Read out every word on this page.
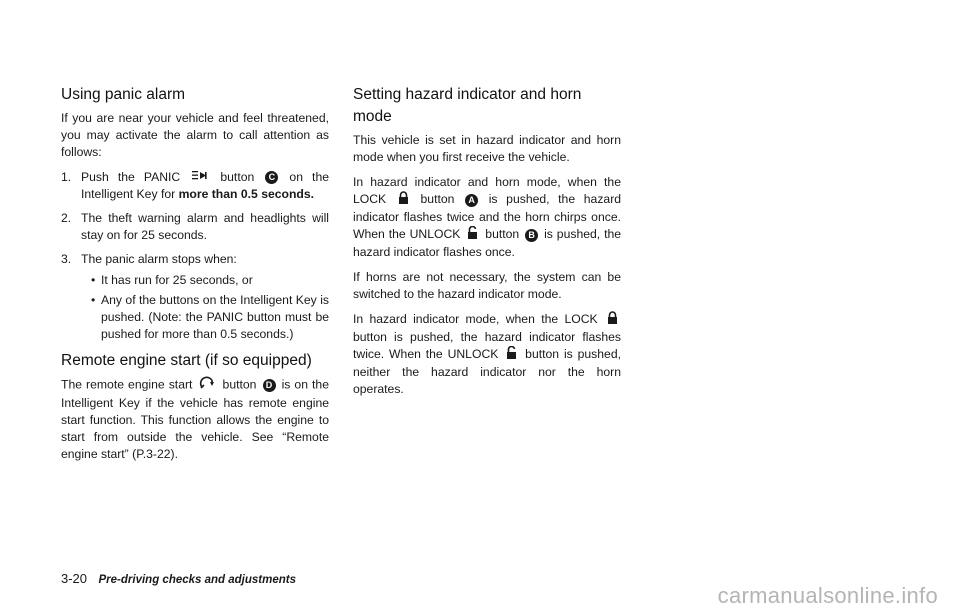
Using panic alarm

If you are near your vehicle and feel threatened, you may activate the alarm to call attention as follows:

1. Push the PANIC	button C on the Intelligent Key for more than 0.5 seconds.
2. The theft warning alarm and headlights will stay on for 25 seconds.
3. The panic alarm stops when:
• It has run for 25 seconds, or
• Any of the buttons on the Intelligent Key is pushed. (Note: the PANIC button must be pushed for more than 0.5 seconds.)
Remote engine start (if so equipped)

The remote engine start button D is on the Intelligent Key if the vehicle has remote engine start function. This function allows the engine to start from outside the vehicle. See “Remote engine start” (P.3-22).

Setting hazard indicator and horn mode

This vehicle is set in hazard indicator and horn mode when you first receive the vehicle.

In hazard indicator and horn mode, when the LOCK	button A is pushed, the hazard indicator flashes twice and the horn chirps once. When the UNLOCK button B is pushed, the hazard indicator flashes once.

If horns are not necessary, the system can be switched to the hazard indicator mode.

In hazard indicator mode, when the LOCK  button is pushed, the hazard indicator flashes twice. When the UNLOCK button is pushed, neither the hazard indicator nor the horn operates.

3-20 Pre-driving checks and adjustments
carmanualsonline.info
